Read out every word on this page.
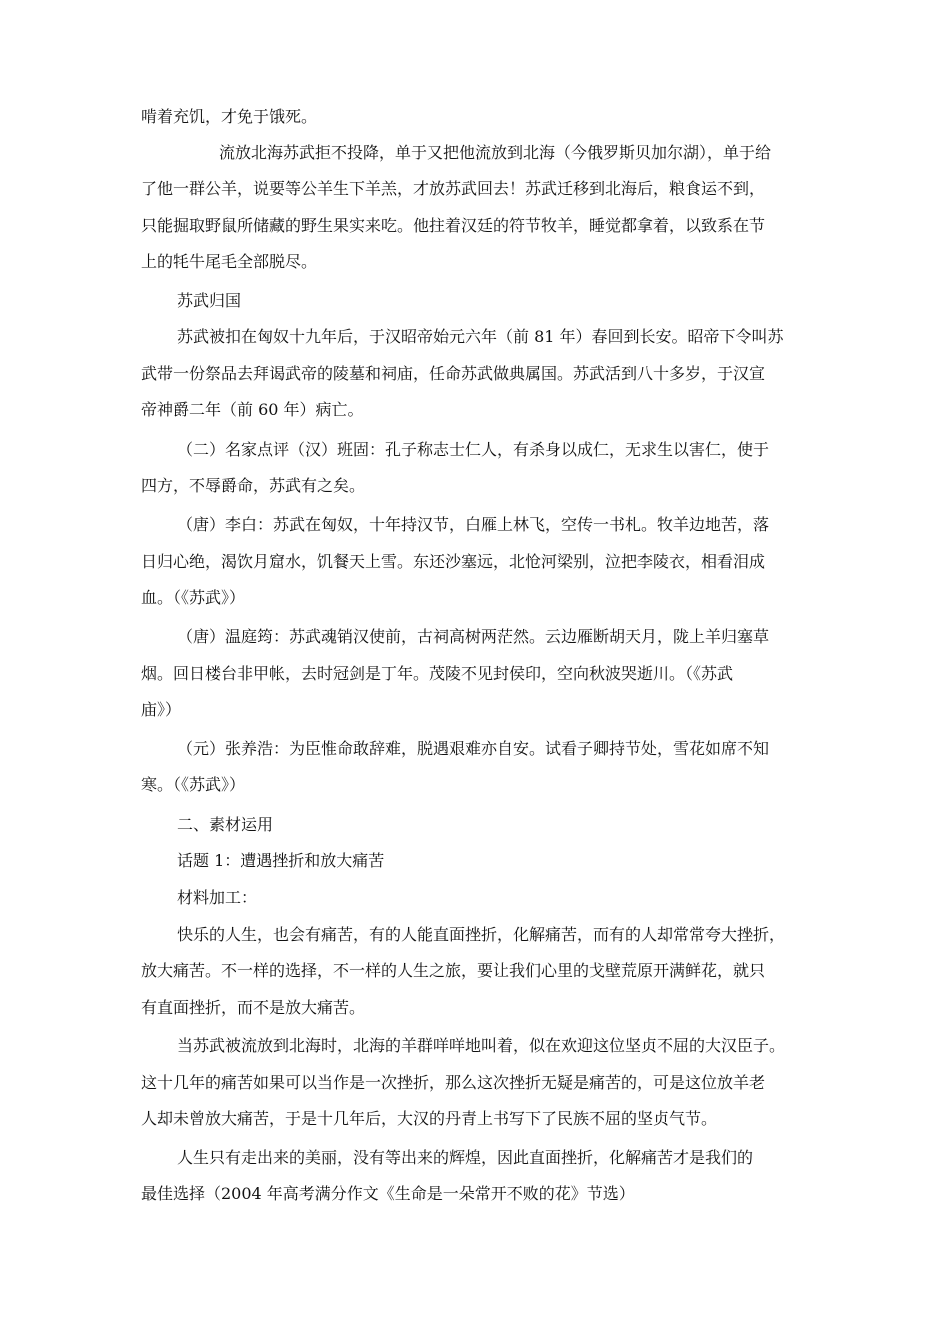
啃着充饥，才免于饿死。
流放北海苏武拒不投降，单于又把他流放到北海（今俄罗斯贝加尔湖），单于给
了他一群公羊，说要等公羊生下羊羔，才放苏武回去！苏武迁移到北海后，粮食运不到，
只能掘取野鼠所储藏的野生果实来吃。他拄着汉廷的符节牧羊，睡觉都拿着，以致系在节
上的牦牛尾毛全部脱尽。
苏武归国
苏武被扣在匈奴十九年后，于汉昭帝始元六年（前 81 年）春回到长安。昭帝下令叫苏
武带一份祭品去拜谒武帝的陵墓和祠庙，任命苏武做典属国。苏武活到八十多岁，于汉宣
帝神爵二年（前 60 年）病亡。
（二）名家点评（汉）班固：孔子称志士仁人，有杀身以成仁，无求生以害仁，使于
四方，不辱爵命，苏武有之矣。
（唐）李白：苏武在匈奴，十年持汉节，白雁上林飞，空传一书札。牧羊边地苦，落
日归心绝，渴饮月窟水，饥餐天上雪。东还沙塞远，北怆河梁别，泣把李陵衣，相看泪成
血。（《苏武》）
（唐）温庭筠：苏武魂销汉使前，古祠高树两茫然。云边雁断胡天月，陇上羊归塞草
烟。回日楼台非甲帐，去时冠剑是丁年。茂陵不见封侯印，空向秋波哭逝川。（《苏武
庙》）
（元）张养浩：为臣惟命敢辞难，脱遇艰难亦自安。试看子卿持节处，雪花如席不知
寒。（《苏武》）
二、素材运用
话题 1：遭遇挫折和放大痛苦
材料加工：
快乐的人生，也会有痛苦，有的人能直面挫折，化解痛苦，而有的人却常常夸大挫折，
放大痛苦。不一样的选择，不一样的人生之旅，要让我们心里的戈壁荒原开满鲜花，就只
有直面挫折，而不是放大痛苦。
当苏武被流放到北海时，北海的羊群咩咩地叫着，似在欢迎这位坚贞不屈的大汉臣子。
这十几年的痛苦如果可以当作是一次挫折，那么这次挫折无疑是痛苦的，可是这位放羊老
人却未曾放大痛苦，于是十几年后，大汉的丹青上书写下了民族不屈的坚贞气节。
人生只有走出来的美丽，没有等出来的辉煌，因此直面挫折，化解痛苦才是我们的
最佳选择（2004 年高考满分作文《生命是一朵常开不败的花》节选）
